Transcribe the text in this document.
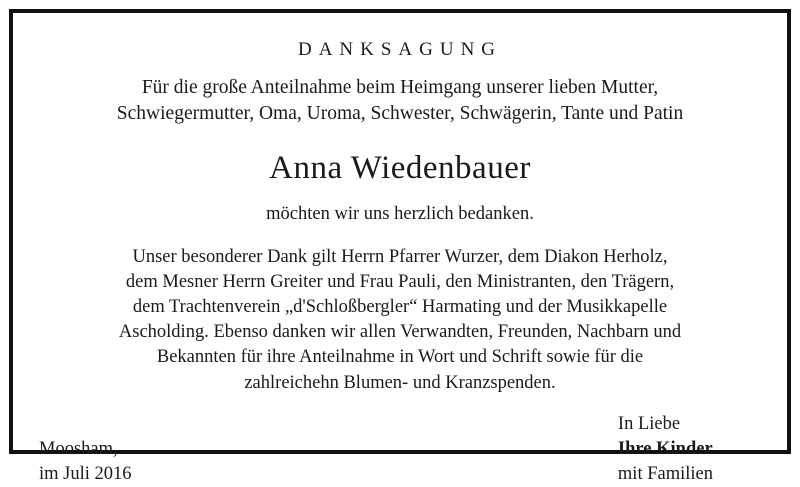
DANKSAGUNG
Für die große Anteilnahme beim Heimgang unserer lieben Mutter,
Schwiegermutter, Oma, Uroma, Schwester, Schwägerin, Tante und Patin
Anna Wiedenbauer
möchten wir uns herzlich bedanken.
Unser besonderer Dank gilt Herrn Pfarrer Wurzer, dem Diakon Herholz,
dem Mesner Herrn Greiter und Frau Pauli, den Ministranten, den Trägern,
dem Trachtenverein „d'Schloßbergler“ Harmating und der Musikkapelle
Ascholding. Ebenso danken wir allen Verwandten, Freunden, Nachbarn und
Bekannten für ihre Anteilnahme in Wort und Schrift sowie für die
zahlreichehn Blumen- und Kranzspenden.
Moosham,
im Juli 2016
In Liebe
Ihre Kinder
mit Familien
